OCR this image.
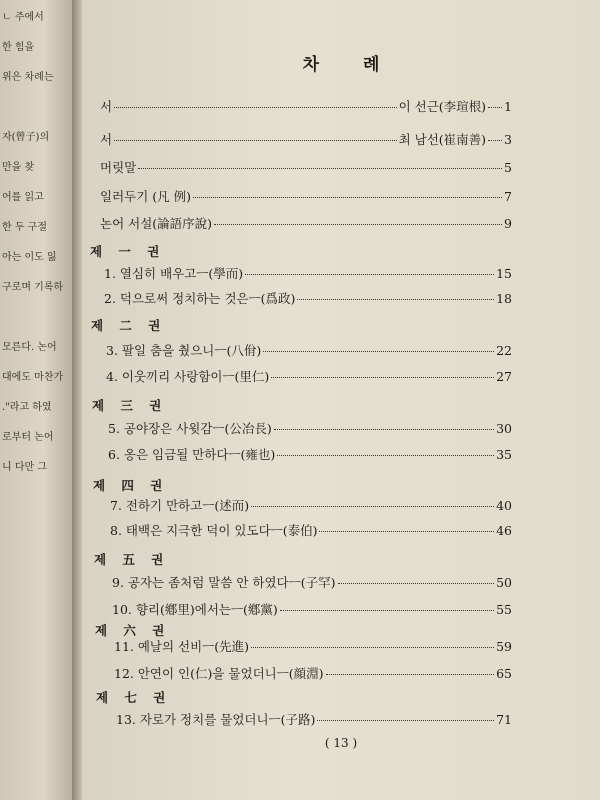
ㄴ 주에서
한 힘을
위은 차례는
자(曾子)의
만을 찾
어를 읽고
한 두 구절
아는 이도 잃
구로며 기록하
모른다. 논어
대에도 마찬가
."라고 하였
로부터 논어
니 다만 그
차	례
서	이 선근(李瑄根) 1
서	최 남선(崔南善) 3
머릿말	5
일러두기 (凡 例)	7
논어 서설(論語序說)	9
제 一 권
1. 열심히 배우고ㅡ(學而)	15
2. 덕으로써 정치하는 것은ㅡ(爲政)	18
제 二 권
3. 팔일 춤을 췄으니ㅡ(八佾)	22
4. 이웃끼리 사랑함이ㅡ(里仁)	27
제 三 권
5. 공야장은 사윗감ㅡ(公冶長)	30
6. 옹은 임금될 만하다ㅡ(雍也)	35
제 四 권
7. 전하기 만하고ㅡ(述而)	40
8. 태백은 지극한 덕이 있도다ㅡ(泰伯)	46
제 五 권
9. 공자는 좀처럼 말씀 안 하였다ㅡ(子罕)	50
10. 향리(鄕里)에서는ㅡ(鄕黨)	55
제 六 권
11. 예날의 선비ㅡ(先進)	59
12. 안연이 인(仁)을 물었더니ㅡ(顔淵)	65
제 七 권
13. 자로가 정치를 물었더니ㅡ(子路)	71
( 13 )
